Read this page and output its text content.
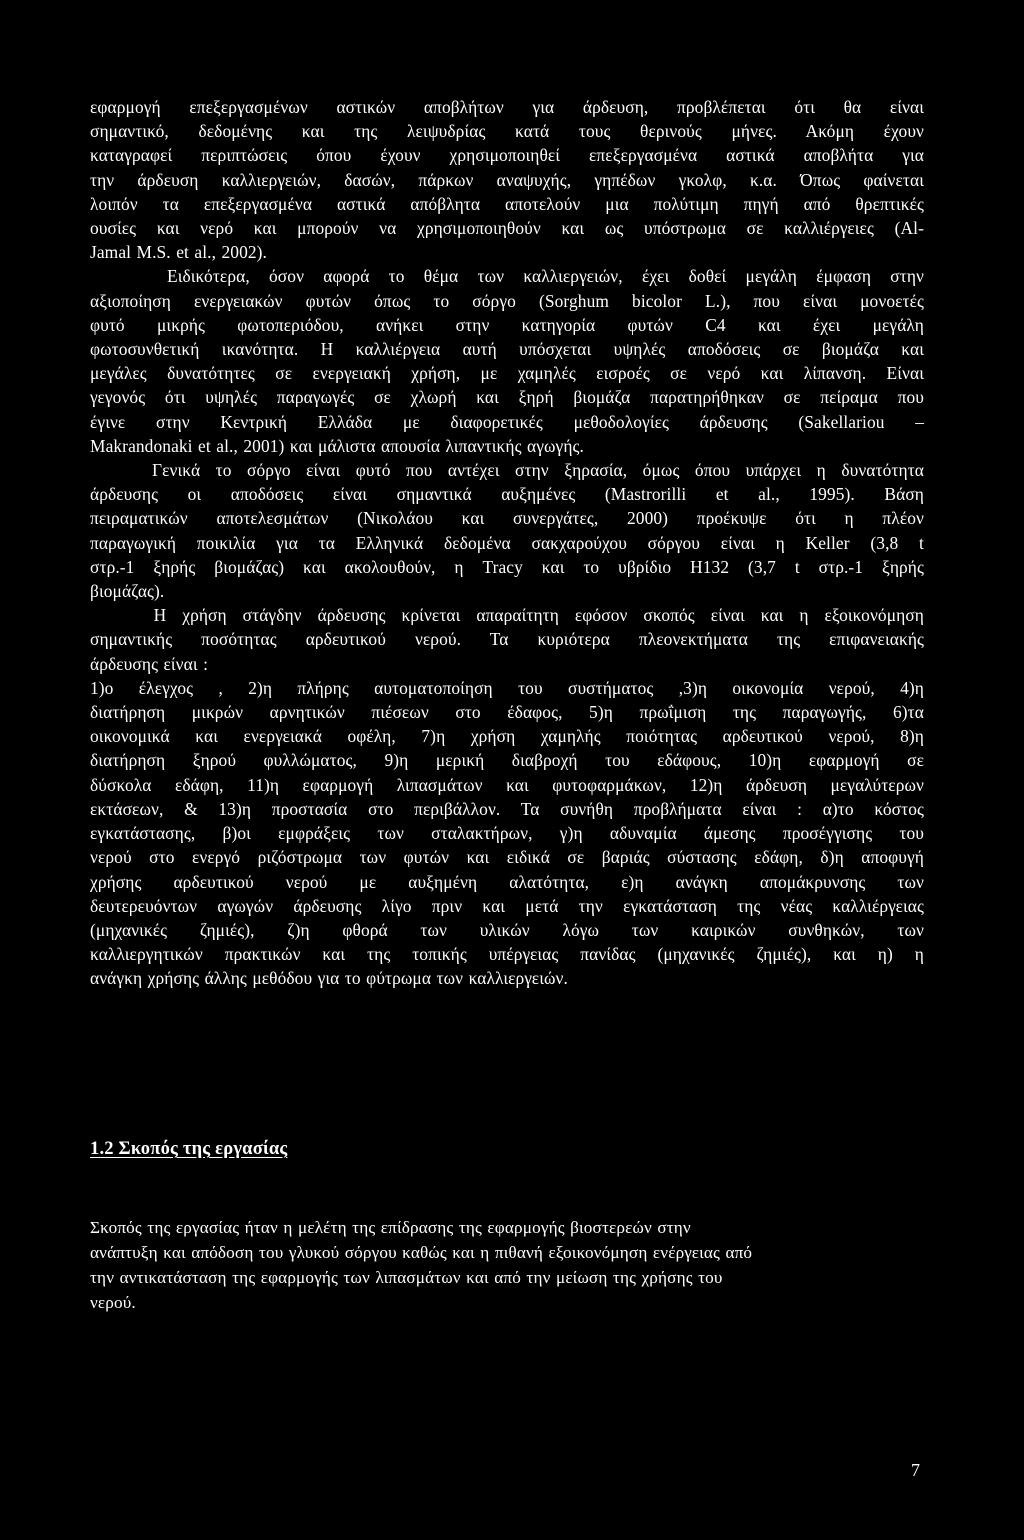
εφαρμογή επεξεργασμένων αστικών αποβλήτων για άρδευση, προβλέπεται ότι θα είναι
σημαντικό, δεδομένης και της λειψυδρίας κατά τους θερινούς μήνες. Ακόμη έχουν
καταγραφεί περιπτώσεις όπου έχουν χρησιμοποιηθεί επεξεργασμένα αστικά αποβλήτα για
την άρδευση καλλιεργειών, δασών, πάρκων αναψυχής, γηπέδων γκολφ, κ.α. Όπως φαίνεται
λοιπόν τα επεξεργασμένα αστικά απόβλητα αποτελούν μια πολύτιμη πηγή από θρεπτικές
ουσίες και νερό και μπορούν να χρησιμοποιηθούν και ως υπόστρωμα σε καλλιέργειες (Al-
Jamal M.S. et al., 2002).
Ειδικότερα, όσον αφορά το θέμα των καλλιεργειών, έχει δοθεί μεγάλη έμφαση στην
αξιοποίηση ενεργειακών φυτών όπως το σόργο (Sorghum bicolor L.), που είναι μονοετές
φυτό μικρής φωτοπεριόδου, ανήκει στην κατηγορία φυτών C4 και έχει μεγάλη
φωτοσυνθετική ικανότητα. Η καλλιέργεια αυτή υπόσχεται υψηλές αποδόσεις σε βιομάζα και
μεγάλες δυνατότητες σε ενεργειακή χρήση, με χαμηλές εισροές σε νερό και λίπανση. Είναι
γεγονός ότι υψηλές παραγωγές σε χλωρή και ξηρή βιομάζα παρατηρήθηκαν σε πείραμα που
έγινε στην Κεντρική Ελλάδα με διαφορετικές μεθοδολογίες άρδευσης (Sakellariou –
Makrandonaki et al., 2001) και μάλιστα απουσία λιπαντικής αγωγής.
Γενικά το σόργο είναι φυτό που αντέχει στην ξηρασία, όμως όπου υπάρχει η δυνατότητα
άρδευσης οι αποδόσεις είναι σημαντικά αυξημένες (Mastrorilli et al., 1995). Βάση
πειραματικών αποτελεσμάτων (Νικολάου και συνεργάτες, 2000) προέκυψε ότι η πλέον
παραγωγική ποικιλία για τα Ελληνικά δεδομένα σακχαρούχου σόργου είναι η Keller (3,8 t
στρ.-1 ξηρής βιομάζας) και ακολουθούν, η Tracy και το υβρίδιο H132 (3,7 t στρ.-1 ξηρής
βιομάζας).
Η χρήση στάγδην άρδευσης κρίνεται απαραίτητη εφόσον σκοπός είναι και η εξοικονόμηση
σημαντικής ποσότητας αρδευτικού νερού. Τα κυριότερα πλεονεκτήματα της επιφανειακής
άρδευσης είναι :
1)ο έλεγχος , 2)η πλήρης αυτοματοποίηση του συστήματος ,3)η οικονομία νερού, 4)η
διατήρηση μικρών αρνητικών πιέσεων στο έδαφος, 5)η πρωΐμιση της παραγωγής, 6)τα
οικονομικά και ενεργειακά οφέλη, 7)η χρήση χαμηλής ποιότητας αρδευτικού νερού, 8)η
διατήρηση ξηρού φυλλώματος, 9)η μερική διαβροχή του εδάφους, 10)η εφαρμογή σε
δύσκολα εδάφη, 11)η εφαρμογή λιπασμάτων και φυτοφαρμάκων, 12)η άρδευση μεγαλύτερων
εκτάσεων, & 13)η προστασία στο περιβάλλον. Τα συνήθη προβλήματα είναι : α)το κόστος
εγκατάστασης, β)οι εμφράξεις των σταλακτήρων, γ)η αδυναμία άμεσης προσέγγισης του
νερού στο ενεργό ριζόστρωμα των φυτών και ειδικά σε βαριάς σύστασης εδάφη, δ)η αποφυγή
χρήσης αρδευτικού νερού με αυξημένη αλατότητα, ε)η ανάγκη απομάκρυνσης των
δευτερευόντων αγωγών άρδευσης λίγο πριν και μετά την εγκατάσταση της νέας καλλιέργειας
(μηχανικές ζημιές), ζ)η φθορά των υλικών λόγω των καιρικών συνθηκών, των
καλλιεργητικών πρακτικών και της τοπικής υπέργειας πανίδας (μηχανικές ζημιές), και η) η
ανάγκη χρήσης άλλης μεθόδου για το φύτρωμα των καλλιεργειών.
1.2 Σκοπός της εργασίας
Σκοπός της εργασίας ήταν η μελέτη της επίδρασης της εφαρμογής βιοστερεών στην
ανάπτυξη και απόδοση του γλυκού σόργου καθώς και η πιθανή εξοικονόμηση ενέργειας από
την αντικατάσταση της εφαρμογής των λιπασμάτων και από την μείωση της χρήσης του
νερού.
7
